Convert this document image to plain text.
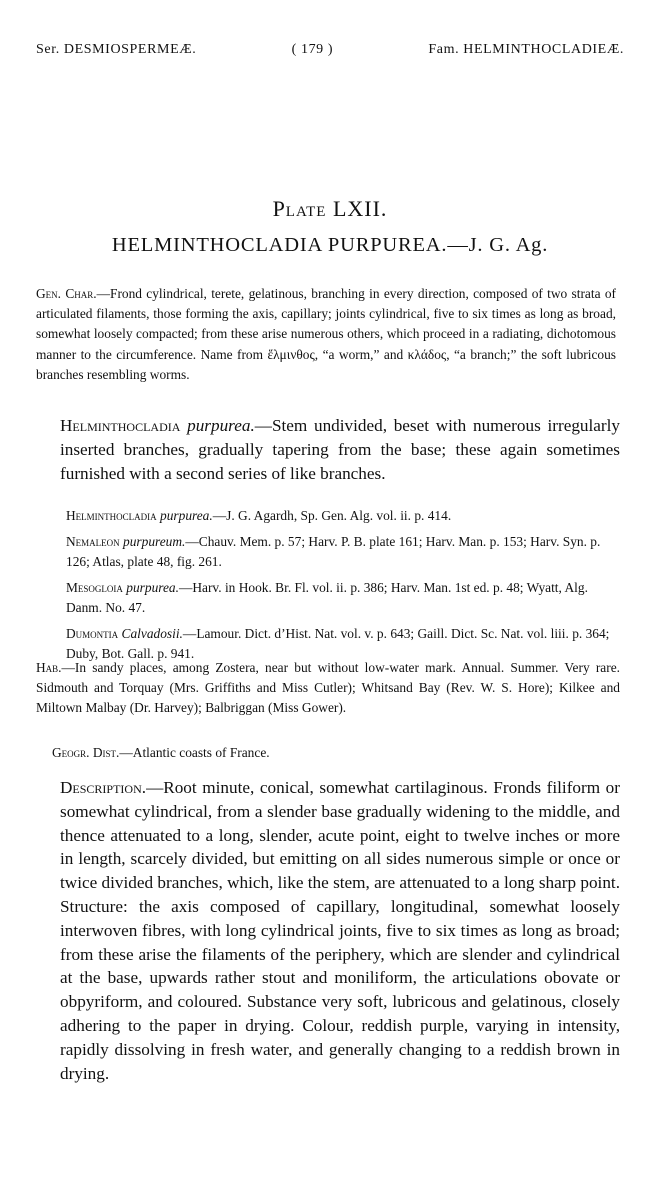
Ser. DESMIOSPERMEÆ.	( 179 )	Fam. HELMINTHOCLADIEÆ.
Plate LXII.
HELMINTHOCLADIA PURPUREA.—J. G. Ag.
Gen. Char.—Frond cylindrical, terete, gelatinous, branching in every direction, composed of two strata of articulated filaments, those forming the axis, capillary; joints cylindrical, five to six times as long as broad, somewhat loosely compacted; from these arise numerous others, which proceed in a radiating, dichotomous manner to the circumference. Name from ἕλμινθος, “a worm,” and κλάδος, “a branch;” the soft lubricous branches resembling worms.
Helminthocladia purpurea.—Stem undivided, beset with numerous irregularly inserted branches, gradually tapering from the base; these again sometimes furnished with a second series of like branches.
Helminthocladia purpurea.—J. G. Agardh, Sp. Gen. Alg. vol. ii. p. 414.
Nemaleon purpureum.—Chauv. Mem. p. 57; Harv. P. B. plate 161; Harv. Man. p. 153; Harv. Syn. p. 126; Atlas, plate 48, fig. 261.
Mesogloia purpurea.—Harv. in Hook. Br. Fl. vol. ii. p. 386; Harv. Man. 1st ed. p. 48; Wyatt, Alg. Danm. No. 47.
Dumontia Calvadosii.—Lamour. Dict. d’Hist. Nat. vol. v. p. 643; Gaill. Dict. Sc. Nat. vol. liii. p. 364; Duby, Bot. Gall. p. 941.
Hab.—In sandy places, among Zostera, near but without low-water mark. Annual. Summer. Very rare. Sidmouth and Torquay (Mrs. Griffiths and Miss Cutler); Whitsand Bay (Rev. W. S. Hore); Kilkee and Miltown Malbay (Dr. Harvey); Balbriggan (Miss Gower).
Geogr. Dist.—Atlantic coasts of France.
Description.—Root minute, conical, somewhat cartilaginous. Fronds filiform or somewhat cylindrical, from a slender base gradually widening to the middle, and thence attenuated to a long, slender, acute point, eight to twelve inches or more in length, scarcely divided, but emitting on all sides numerous simple or once or twice divided branches, which, like the stem, are attenuated to a long sharp point. Structure: the axis composed of capillary, longitudinal, somewhat loosely interwoven fibres, with long cylindrical joints, five to six times as long as broad; from these arise the filaments of the periphery, which are slender and cylindrical at the base, upwards rather stout and moniliform, the articulations obovate or obpyriform, and coloured. Substance very soft, lubricous and gelatinous, closely adhering to the paper in drying. Colour, reddish purple, varying in intensity, rapidly dissolving in fresh water, and generally changing to a reddish brown in drying.
